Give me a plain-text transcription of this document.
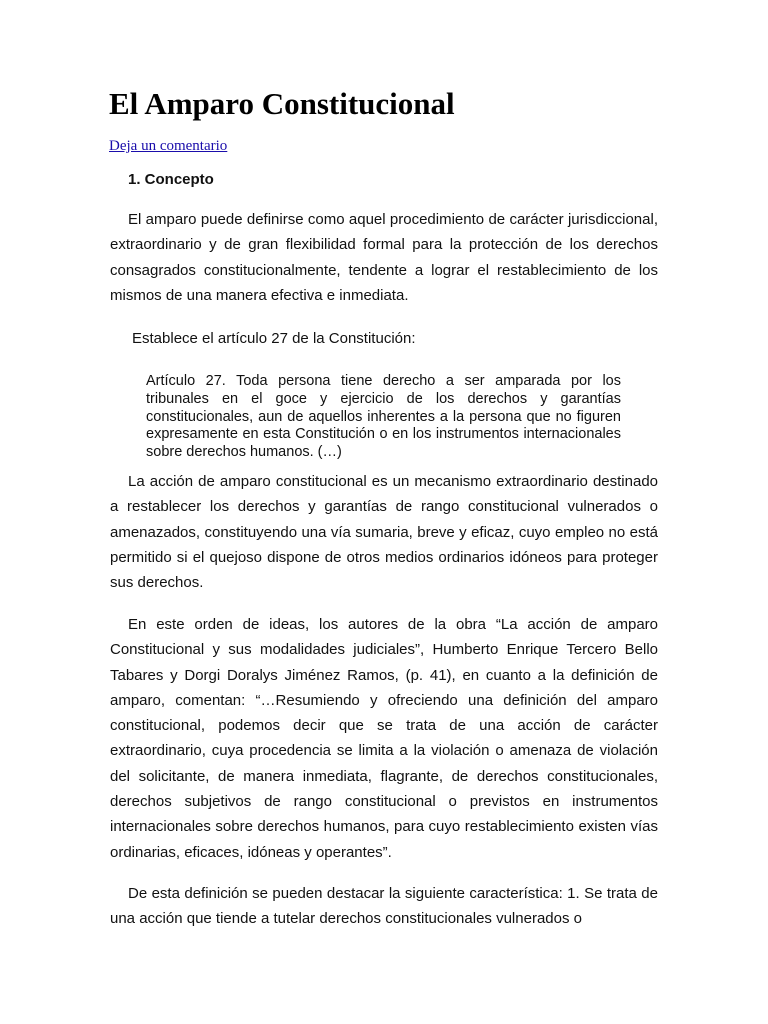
El Amparo Constitucional
Deja un comentario
1. Concepto

El amparo puede definirse como aquel procedimiento de carácter jurisdiccional, extraordinario y de gran flexibilidad formal para la protección de los derechos consagrados constitucionalmente, tendente a lograr el restablecimiento de los mismos de una manera efectiva e inmediata.

Establece el artículo 27 de la Constitución:

Artículo 27. Toda persona tiene derecho a ser amparada por los tribunales en el goce y ejercicio de los derechos y garantías constitucionales, aun de aquellos inherentes a la persona que no figuren expresamente en esta Constitución o en los instrumentos internacionales sobre derechos humanos. (…)

La acción de amparo constitucional es un mecanismo extraordinario destinado a restablecer los derechos y garantías de rango constitucional vulnerados o amenazados, constituyendo una vía sumaria, breve y eficaz, cuyo empleo no está permitido si el quejoso dispone de otros medios ordinarios idóneos para proteger sus derechos.

En este orden de ideas, los autores de la obra “La acción de amparo Constitucional y sus modalidades judiciales”, Humberto Enrique Tercero Bello Tabares y Dorgi Doralys Jiménez Ramos, (p. 41), en cuanto a la definición de amparo, comentan: “…Resumiendo y ofreciendo una definición del amparo constitucional, podemos decir que se trata de una acción de carácter extraordinario, cuya procedencia se limita a la violación o amenaza de violación del solicitante, de manera inmediata, flagrante, de derechos constitucionales, derechos subjetivos de rango constitucional o previstos en instrumentos internacionales sobre derechos humanos, para cuyo restablecimiento existen vías ordinarias, eficaces, idóneas y operantes”.

De esta definición se pueden destacar la siguiente característica: 1. Se trata de una acción que tiende a tutelar derechos constitucionales vulnerados o
